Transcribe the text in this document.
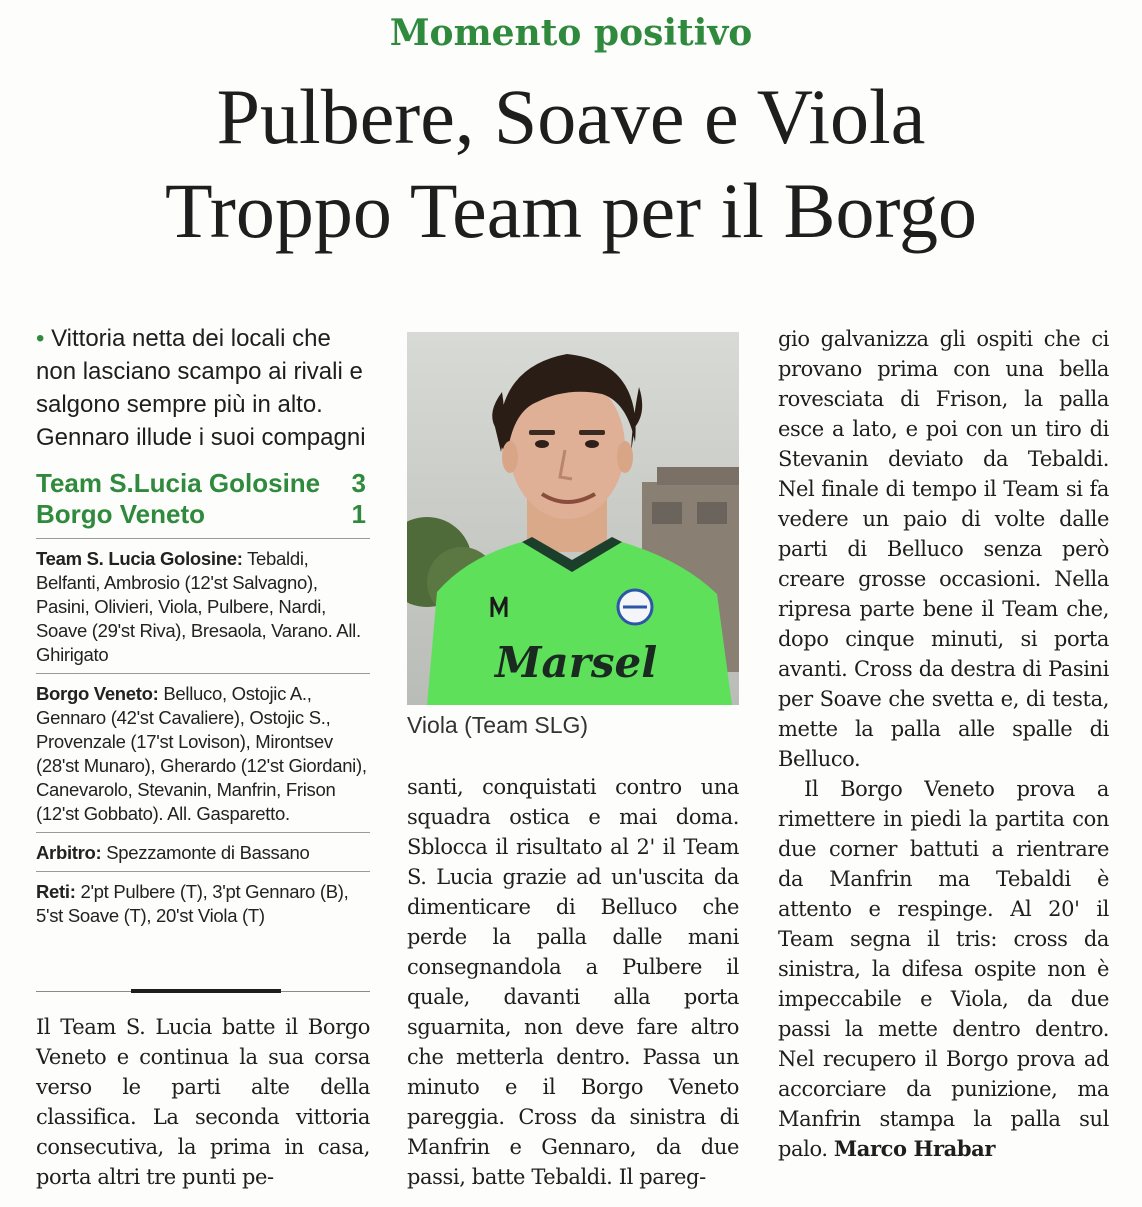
Momento positivo
Pulbere, Soave e Viola
Troppo Team per il Borgo

• Vittoria netta dei locali che non lasciano scampo ai rivali e salgono sempre più in alto. Gennaro illude i suoi compagni

Team S.Lucia Golosine 3
Borgo Veneto	1

Team S. Lucia Golosine: Tebaldi, Belfanti, Ambrosio (12'st Salvagno), Pasini, Olivieri, Viola, Pulbere, Nardi, Soave (29'st Riva), Bresaola, Varano. All. Ghirigato

Borgo Veneto: Belluco, Ostojic A., Gennaro (42'st Cavaliere), Ostojic S., Provenzale (17'st Lovison), Mirontsev (28'st Munaro), Gherardo (12'st Giordani), Canevarolo, Stevanin, Manfrin, Frison (12'st Gobbato). All. Gasparetto.

Arbitro: Spezzamonte di Bassano

Reti: 2'pt Pulbere (T), 3'pt Gennaro (B), 5'st Soave (T), 20'st Viola (T)

Il Team S. Lucia batte il Borgo Veneto e continua la sua corsa verso le parti alte della classifica. La seconda vittoria consecutiva, la prima in casa, porta altri tre punti pe-

Marsel
Viola (Team SLG)

santi, conquistati contro una squadra ostica e mai doma. Sblocca il risultato al 2' il Team S. Lucia grazie ad un'uscita da dimenticare di Belluco che perde la palla dalle mani consegnandola a Pulbere il quale, davanti alla porta sguarnita, non deve fare altro che metterla dentro. Passa un minuto e il Borgo Veneto pareggia. Cross da sinistra di Manfrin e Gennaro, da due passi, batte Tebaldi. Il pareg-

gio galvanizza gli ospiti che ci provano prima con una bella rovesciata di Frison, la palla esce a lato, e poi con un tiro di Stevanin deviato da Tebaldi. Nel finale di tempo il Team si fa vedere un paio di volte dalle parti di Belluco senza però creare grosse occasioni. Nella ripresa parte bene il Team che, dopo cinque minuti, si porta avanti. Cross da destra di Pasini per Soave che svetta e, di testa, mette la palla alle spalle di Belluco.

Il Borgo Veneto prova a rimettere in piedi la partita con due corner battuti a rientrare da Manfrin ma Tebaldi è attento e respinge. Al 20' il Team segna il tris: cross da sinistra, la difesa ospite non è impeccabile e Viola, da due passi la mette dentro dentro. Nel recupero il Borgo prova ad accorciare da punizione, ma Manfrin stampa la palla sul palo. Marco Hrabar
